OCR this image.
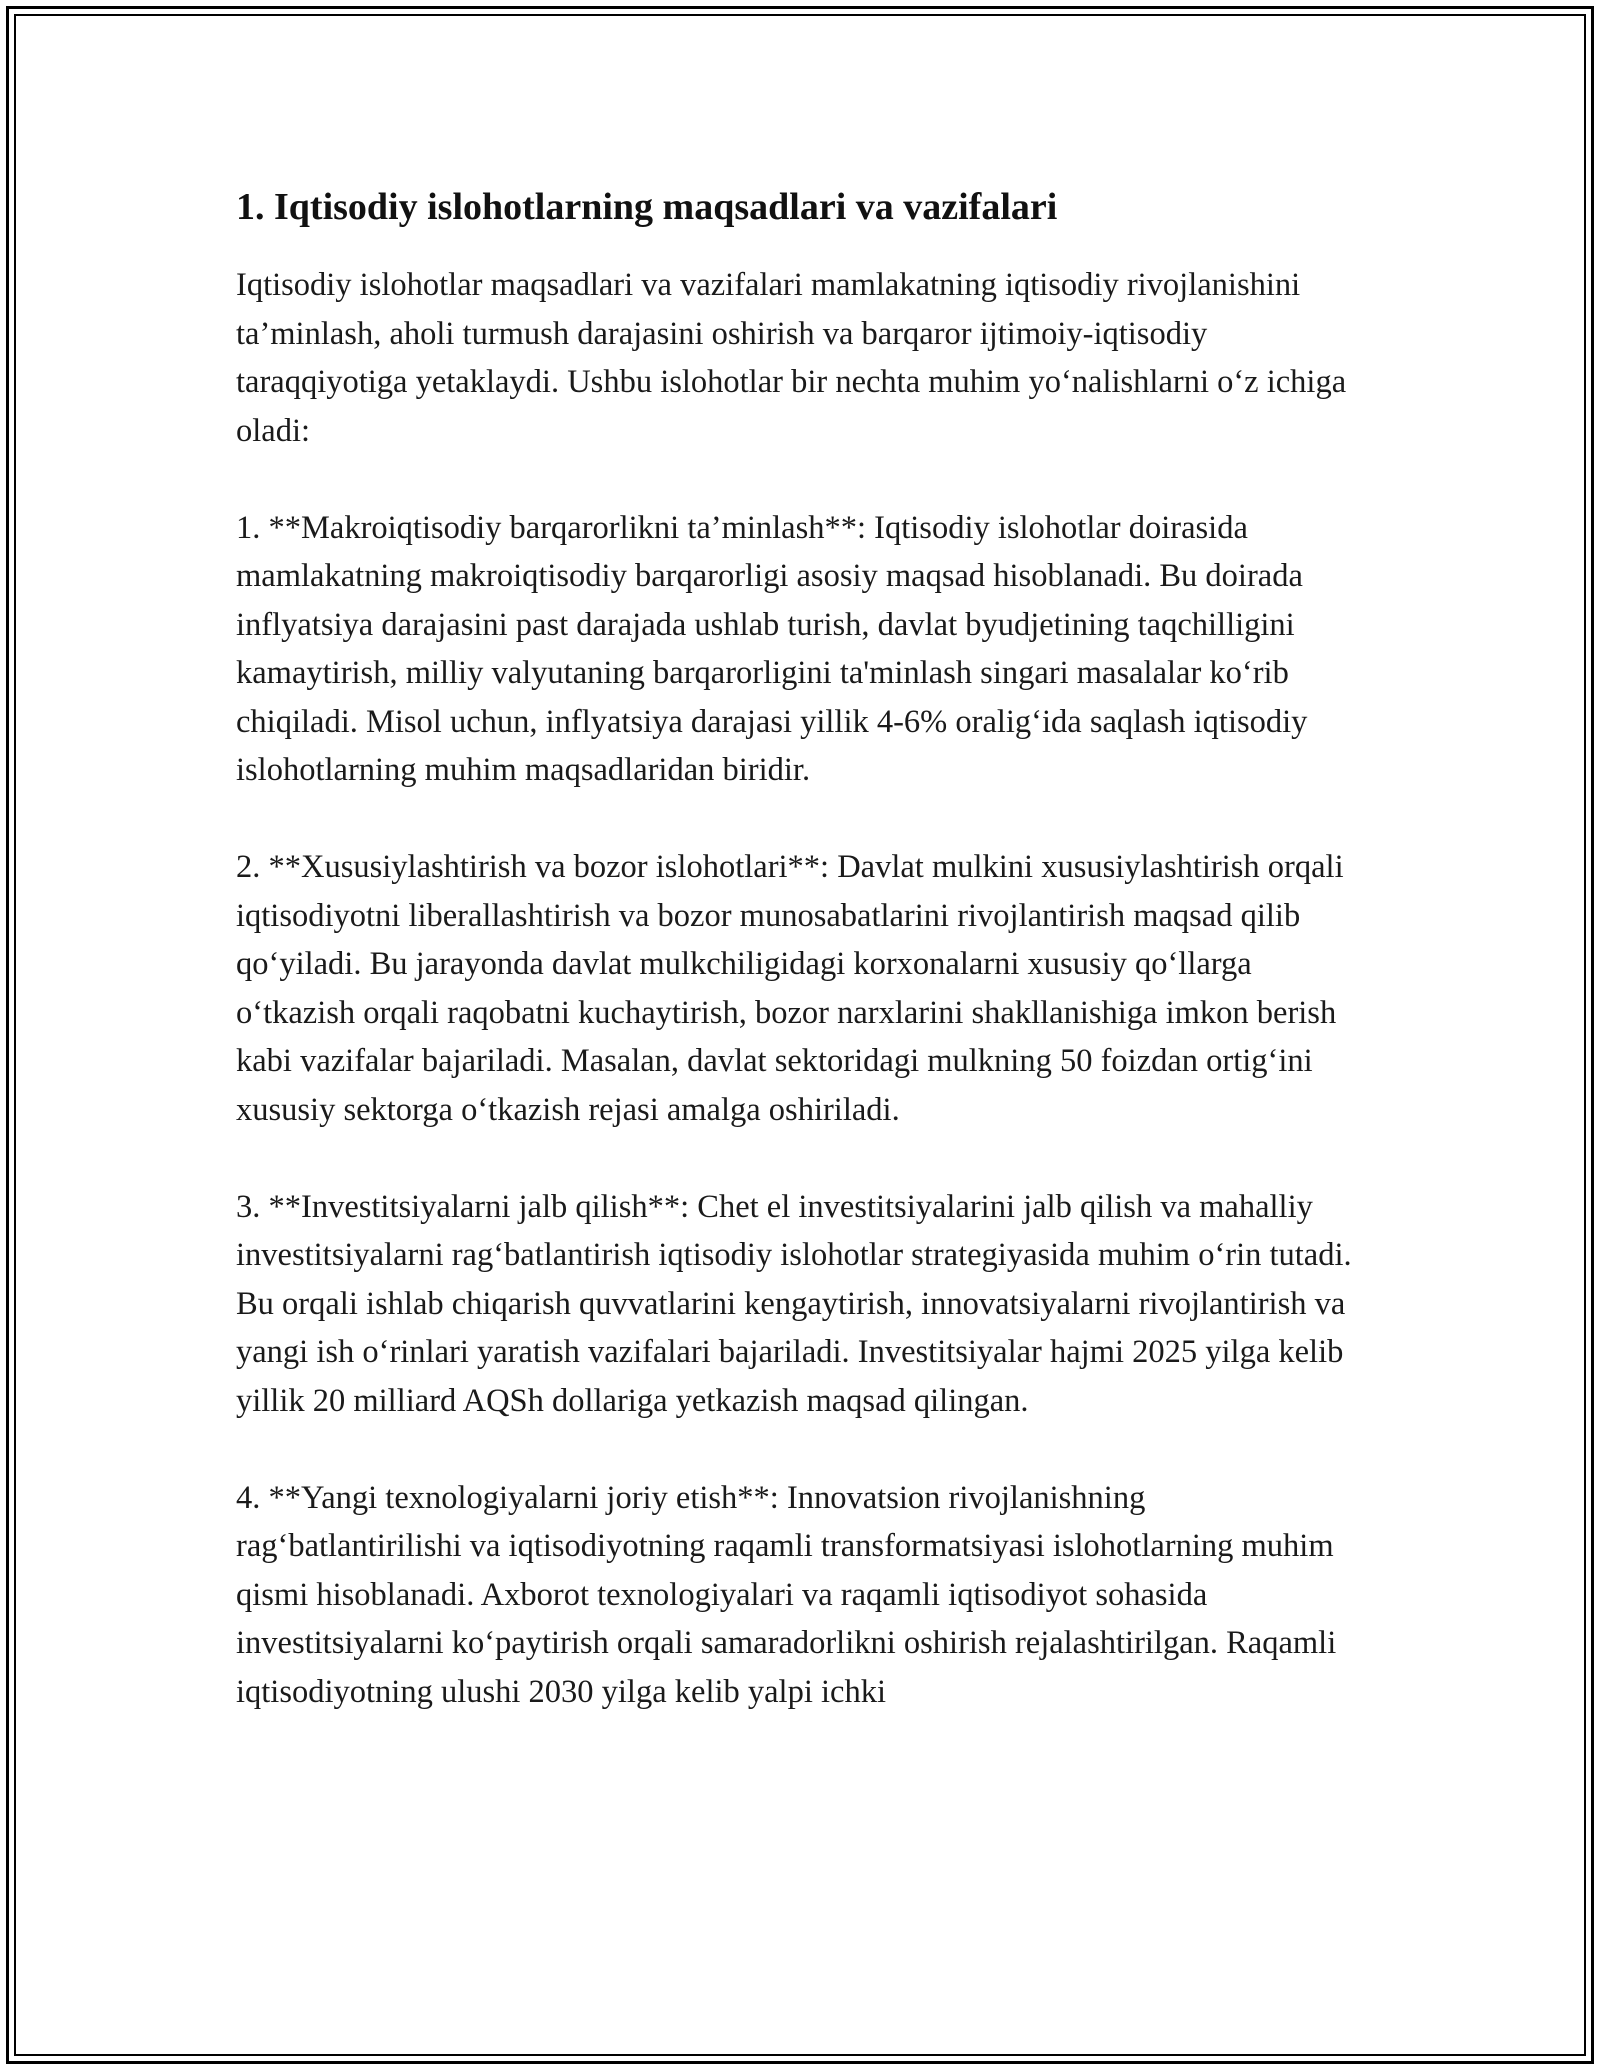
1. Iqtisodiy islohotlarning maqsadlari va vazifalari

Iqtisodiy islohotlar maqsadlari va vazifalari mamlakatning iqtisodiy rivojlanishini ta’minlash, aholi turmush darajasini oshirish va barqaror ijtimoiy-iqtisodiy taraqqiyotiga yetaklaydi. Ushbu islohotlar bir nechta muhim yo‘nalishlarni o‘z ichiga oladi:

1. **Makroiqtisodiy barqarorlikni ta’minlash**: Iqtisodiy islohotlar doirasida mamlakatning makroiqtisodiy barqarorligi asosiy maqsad hisoblanadi. Bu doirada inflyatsiya darajasini past darajada ushlab turish, davlat byudjetining taqchilligini kamaytirish, milliy valyutaning barqarorligini ta'minlash singari masalalar ko‘rib chiqiladi. Misol uchun, inflyatsiya darajasi yillik 4-6% oralig‘ida saqlash iqtisodiy islohotlarning muhim maqsadlaridan biridir.

2. **Xususiylashtirish va bozor islohotlari**: Davlat mulkini xususiylashtirish orqali iqtisodiyotni liberallashtirish va bozor munosabatlarini rivojlantirish maqsad qilib qo‘yiladi. Bu jarayonda davlat mulkchiligidagi korxonalarni xususiy qo‘llarga o‘tkazish orqali raqobatni kuchaytirish, bozor narxlarini shakllanishiga imkon berish kabi vazifalar bajariladi. Masalan, davlat sektoridagi mulkning 50 foizdan ortig‘ini xususiy sektorga o‘tkazish rejasi amalga oshiriladi.

3. **Investitsiyalarni jalb qilish**: Chet el investitsiyalarini jalb qilish va mahalliy investitsiyalarni rag‘batlantirish iqtisodiy islohotlar strategiyasida muhim o‘rin tutadi. Bu orqali ishlab chiqarish quvvatlarini kengaytirish, innovatsiyalarni rivojlantirish va yangi ish o‘rinlari yaratish vazifalari bajariladi. Investitsiyalar hajmi 2025 yilga kelib yillik 20 milliard AQSh dollariga yetkazish maqsad qilingan.

4. **Yangi texnologiyalarni joriy etish**: Innovatsion rivojlanishning rag‘batlantirilishi va iqtisodiyotning raqamli transformatsiyasi islohotlarning muhim qismi hisoblanadi. Axborot texnologiyalari va raqamli iqtisodiyot sohasida investitsiyalarni ko‘paytirish orqali samaradorlikni oshirish rejalashtirilgan. Raqamli iqtisodiyotning ulushi 2030 yilga kelib yalpi ichki
